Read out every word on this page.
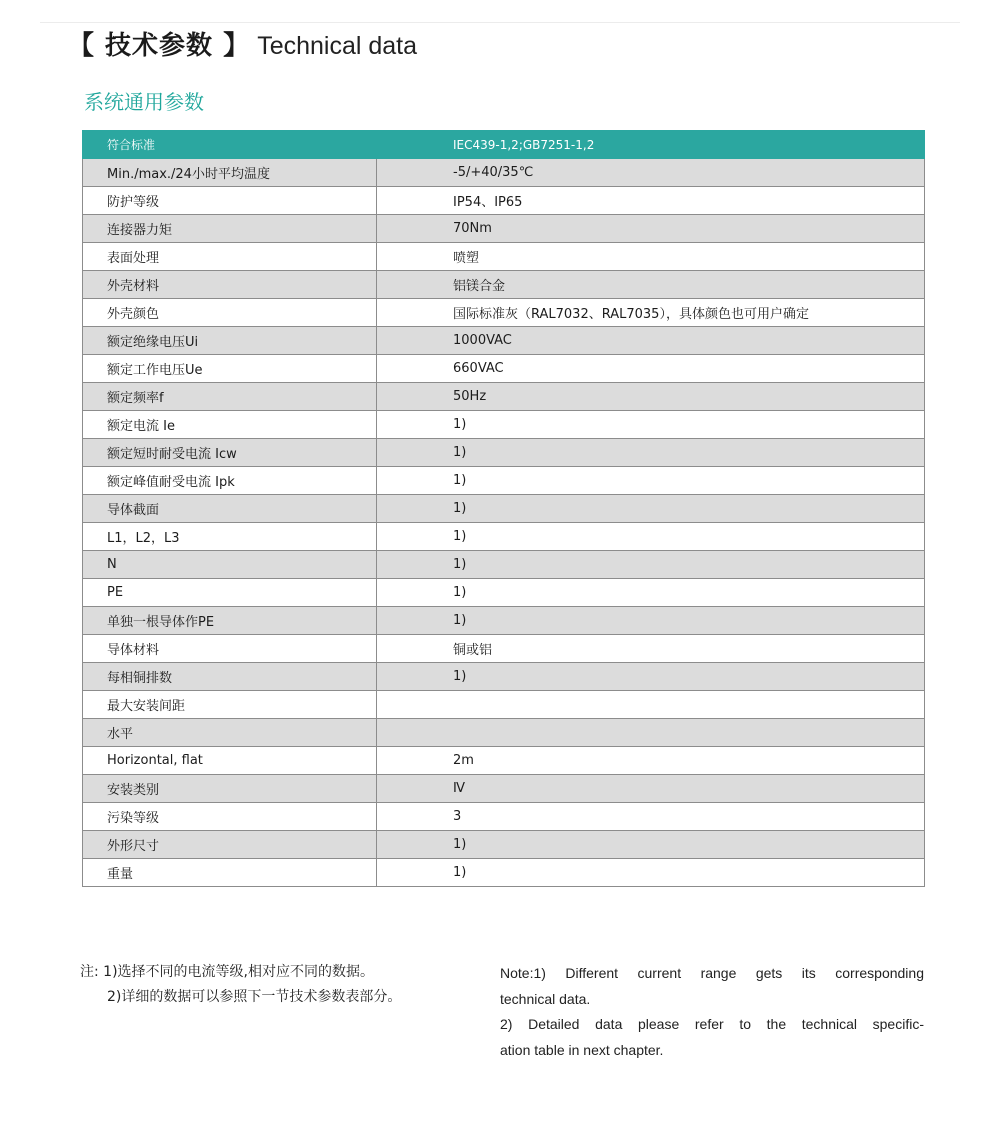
【 技术参数 】 Technical data
系统通用参数
符合标准	IEC439-1,2;GB7251-1,2
Min./max./24小时平均温度	-5/+40/35℃
防护等级	IP54、IP65
连接器力矩	70Nm
表面处理	喷塑
外壳材料	铝镁合金
外壳颜色	国际标准灰（RAL7032、RAL7035），具体颜色也可用户确定
额定绝缘电压Ui	1000VAC
额定工作电压Ue	660VAC
额定频率f	50Hz
额定电流 Ie	1)
额定短时耐受电流 Icw	1)
额定峰值耐受电流 Ipk	1)
导体截面	1)
L1，L2，L3	1)
N	1)
PE	1)
单独一根导体作PE	1)
导体材料	铜或铝
每相铜排数	1)
最大安装间距	
水平	
Horizontal, flat	2m
安装类别	Ⅳ
污染等级	3
外形尺寸	1)
重量	1)
注: 1)选择不同的电流等级,相对应不同的数据。
2)详细的数据可以参照下一节技术参数表部分。
Note:1) Different current range gets its corresponding
technical data.
2) Detailed data please refer to the technical specific-
ation table in next chapter.
